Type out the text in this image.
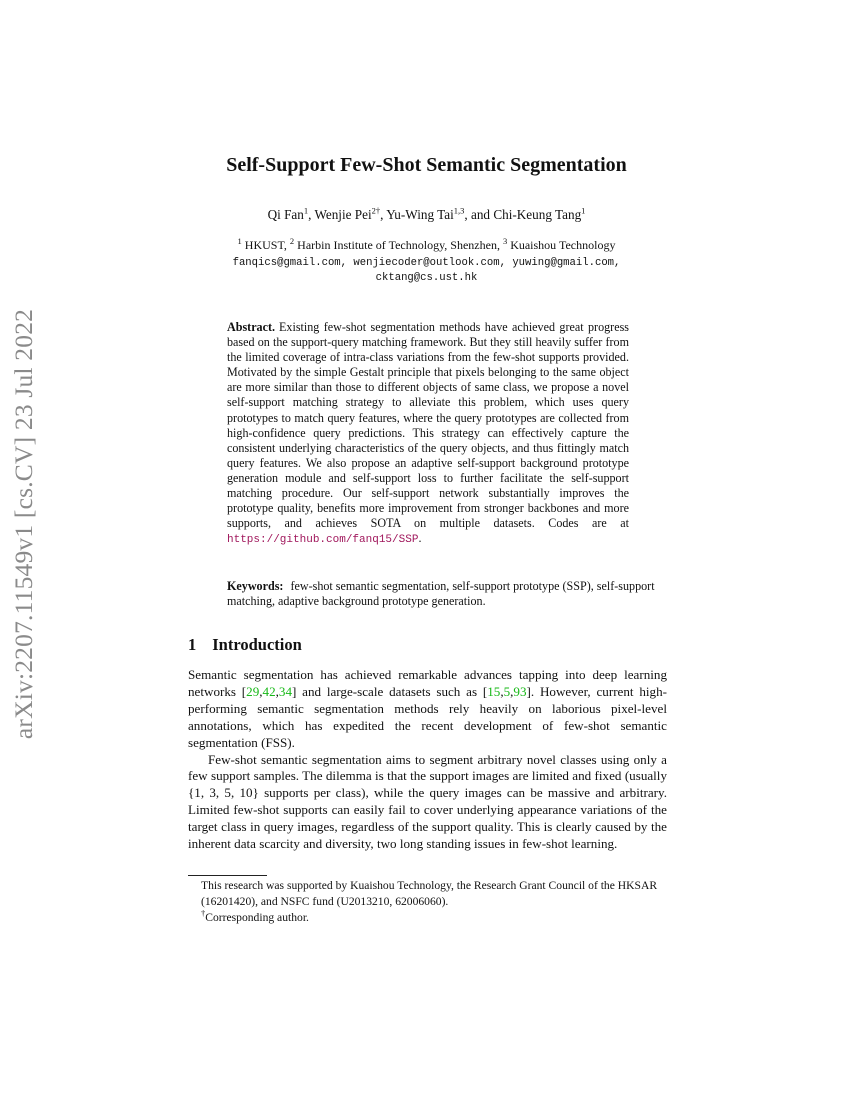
arXiv:2207.11549v1 [cs.CV] 23 Jul 2022
Self-Support Few-Shot Semantic Segmentation
Qi Fan$^1$, Wenjie Pei$^{2\dagger}$, Yu-Wing Tai$^{1,3}$, and Chi-Keung Tang$^1$
$^1$ HKUST, $^2$ Harbin Institute of Technology, Shenzhen, $^3$ Kuaishou Technology
fanqics@gmail.com, wenjiecoder@outlook.com, yuwing@gmail.com,
cktang@cs.ust.hk
Abstract. Existing few-shot segmentation methods have achieved great progress based on the support-query matching framework. But they still heavily suffer from the limited coverage of intra-class variations from the few-shot supports provided. Motivated by the simple Gestalt principle that pixels belonging to the same object are more similar than those to different objects of same class, we propose a novel self-support matching strategy to alleviate this problem, which uses query prototypes to match query features, where the query prototypes are collected from high-confidence query predictions. This strategy can effectively capture the consistent underlying characteristics of the query objects, and thus fittingly match query features. We also propose an adaptive self-support background prototype generation module and self-support loss to further facilitate the self-support matching procedure. Our self-support network substantially improves the prototype quality, benefits more improvement from stronger backbones and more supports, and achieves SOTA on multiple datasets. Codes are at https://github.com/fanq15/SSP.
Keywords: few-shot semantic segmentation, self-support prototype (SSP), self-support matching, adaptive background prototype generation.
1 Introduction

Semantic segmentation has achieved remarkable advances tapping into deep learning networks [29,42,34] and large-scale datasets such as [15,5,93]. However, current high-performing semantic segmentation methods rely heavily on laborious pixel-level annotations, which has expedited the recent development of few-shot semantic segmentation (FSS).

Few-shot semantic segmentation aims to segment arbitrary novel classes using only a few support samples. The dilemma is that the support images are limited and fixed (usually {1, 3, 5, 10} supports per class), while the query images can be massive and arbitrary. Limited few-shot supports can easily fail to cover underlying appearance variations of the target class in query images, regardless of the support quality. This is clearly caused by the inherent data scarcity and diversity, two long standing issues in few-shot learning.

This research was supported by Kuaishou Technology, the Research Grant Council of the HKSAR (16201420), and NSFC fund (U2013210, 62006060).
†Corresponding author.
